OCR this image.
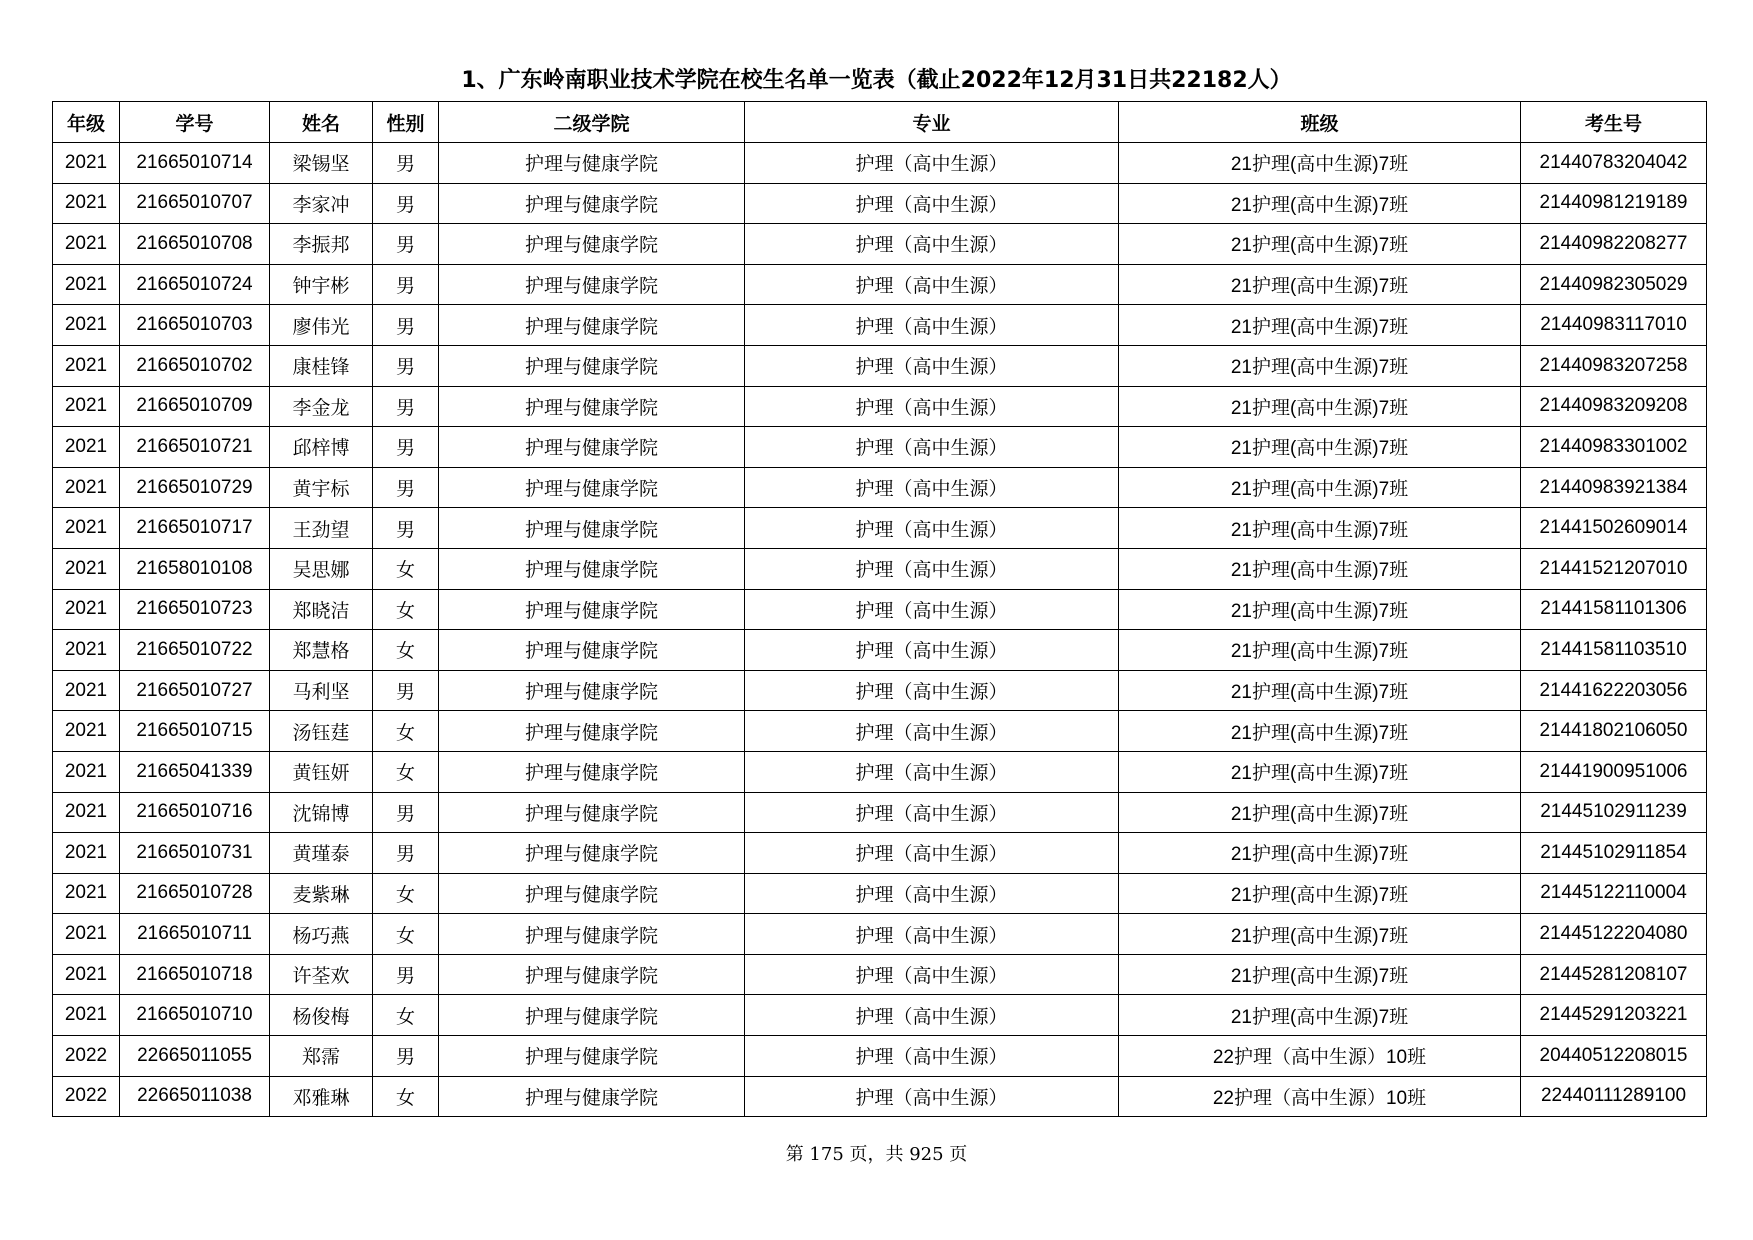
1、广东岭南职业技术学院在校生名单一览表（截止2022年12月31日共22182人）
年级	学号	姓名	性别	二级学院	专业	班级	考生号
2021	21665010714	梁锡坚	男	护理与健康学院	护理（高中生源）	21护理(高中生源)7班	21440783204042
2021	21665010707	李家冲	男	护理与健康学院	护理（高中生源）	21护理(高中生源)7班	21440981219189
2021	21665010708	李振邦	男	护理与健康学院	护理（高中生源）	21护理(高中生源)7班	21440982208277
2021	21665010724	钟宇彬	男	护理与健康学院	护理（高中生源）	21护理(高中生源)7班	21440982305029
2021	21665010703	廖伟光	男	护理与健康学院	护理（高中生源）	21护理(高中生源)7班	21440983117010
2021	21665010702	康桂锋	男	护理与健康学院	护理（高中生源）	21护理(高中生源)7班	21440983207258
2021	21665010709	李金龙	男	护理与健康学院	护理（高中生源）	21护理(高中生源)7班	21440983209208
2021	21665010721	邱梓博	男	护理与健康学院	护理（高中生源）	21护理(高中生源)7班	21440983301002
2021	21665010729	黄宇标	男	护理与健康学院	护理（高中生源）	21护理(高中生源)7班	21440983921384
2021	21665010717	王劲望	男	护理与健康学院	护理（高中生源）	21护理(高中生源)7班	21441502609014
2021	21658010108	吴思娜	女	护理与健康学院	护理（高中生源）	21护理(高中生源)7班	21441521207010
2021	21665010723	郑晓洁	女	护理与健康学院	护理（高中生源）	21护理(高中生源)7班	21441581101306
2021	21665010722	郑慧格	女	护理与健康学院	护理（高中生源）	21护理(高中生源)7班	21441581103510
2021	21665010727	马利坚	男	护理与健康学院	护理（高中生源）	21护理(高中生源)7班	21441622203056
2021	21665010715	汤钰莛	女	护理与健康学院	护理（高中生源）	21护理(高中生源)7班	21441802106050
2021	21665041339	黄钰妍	女	护理与健康学院	护理（高中生源）	21护理(高中生源)7班	21441900951006
2021	21665010716	沈锦博	男	护理与健康学院	护理（高中生源）	21护理(高中生源)7班	21445102911239
2021	21665010731	黄瑾泰	男	护理与健康学院	护理（高中生源）	21护理(高中生源)7班	21445102911854
2021	21665010728	麦紫琳	女	护理与健康学院	护理（高中生源）	21护理(高中生源)7班	21445122110004
2021	21665010711	杨巧燕	女	护理与健康学院	护理（高中生源）	21护理(高中生源)7班	21445122204080
2021	21665010718	许荃欢	男	护理与健康学院	护理（高中生源）	21护理(高中生源)7班	21445281208107
2021	21665010710	杨俊梅	女	护理与健康学院	护理（高中生源）	21护理(高中生源)7班	21445291203221
2022	22665011055	郑霈	男	护理与健康学院	护理（高中生源）	22护理（高中生源）10班	20440512208015
2022	22665011038	邓雅琳	女	护理与健康学院	护理（高中生源）	22护理（高中生源）10班	22440111289100
第 175 页，共 925 页
